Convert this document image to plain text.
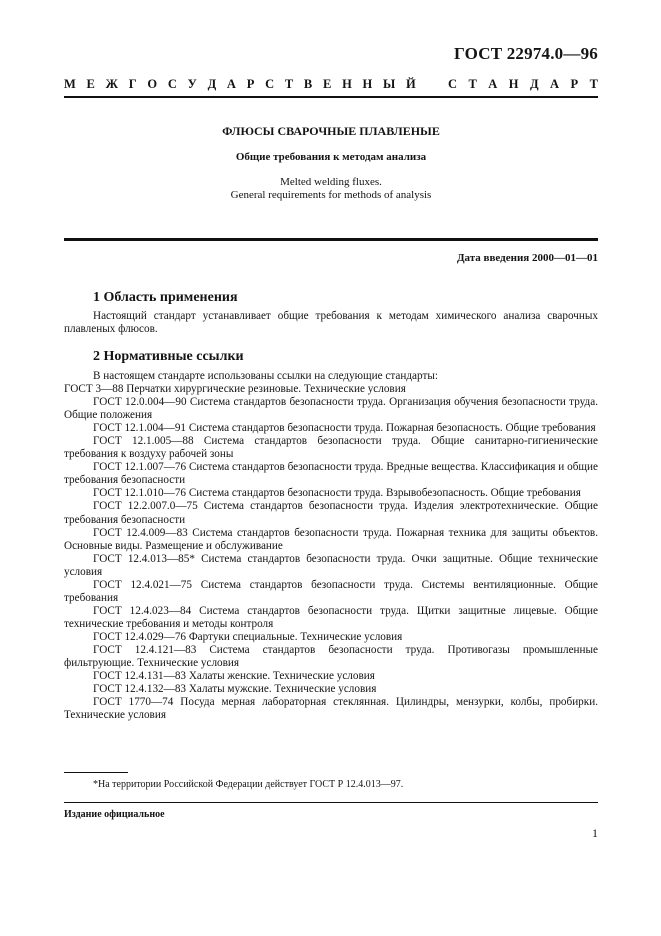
ГОСТ 22974.0—96
М Е Ж Г О С У Д А Р С Т В Е Н Н Ы Й	С Т А Н Д А Р Т
ФЛЮСЫ СВАРОЧНЫЕ ПЛАВЛЕНЫЕ
Общие требования к методам анализа
Melted welding fluxes.
General requirements for methods of analysis
Дата введения 2000—01—01
1 Область применения

Настоящий стандарт устанавливает общие требования к методам химического анализа сварочных плавленых флюсов.

2 Нормативные ссылки

В настоящем стандарте использованы ссылки на следующие стандарты:

ГОСТ 3—88 Перчатки хирургические резиновые. Технические условия

ГОСТ 12.0.004—90 Система стандартов безопасности труда. Организация обучения безопасности труда. Общие положения

ГОСТ 12.1.004—91 Система стандартов безопасности труда. Пожарная безопасность. Общие требования

ГОСТ 12.1.005—88 Система стандартов безопасности труда. Общие санитарно-гигиенические требования к воздуху рабочей зоны

ГОСТ 12.1.007—76 Система стандартов безопасности труда. Вредные вещества. Классификация и общие требования безопасности

ГОСТ 12.1.010—76 Система стандартов безопасности труда. Взрывобезопасность. Общие требования

ГОСТ 12.2.007.0—75 Система стандартов безопасности труда. Изделия электротехнические. Общие требования безопасности

ГОСТ 12.4.009—83 Система стандартов безопасности труда. Пожарная техника для защиты объектов. Основные виды. Размещение и обслуживание

ГОСТ 12.4.013—85* Система стандартов безопасности труда. Очки защитные. Общие технические условия

ГОСТ 12.4.021—75 Система стандартов безопасности труда. Системы вентиляционные. Общие требования

ГОСТ 12.4.023—84 Система стандартов безопасности труда. Щитки защитные лицевые. Общие технические требования и методы контроля

ГОСТ 12.4.029—76 Фартуки специальные. Технические условия

ГОСТ 12.4.121—83 Система стандартов безопасности труда. Противогазы промышленные фильтрующие. Технические условия

ГОСТ 12.4.131—83 Халаты женские. Технические условия

ГОСТ 12.4.132—83 Халаты мужские. Технические условия

ГОСТ 1770—74 Посуда мерная лабораторная стеклянная. Цилиндры, мензурки, колбы, пробирки. Технические условия

*На территории Российской Федерации действует ГОСТ Р 12.4.013—97.
Издание официальное
1
